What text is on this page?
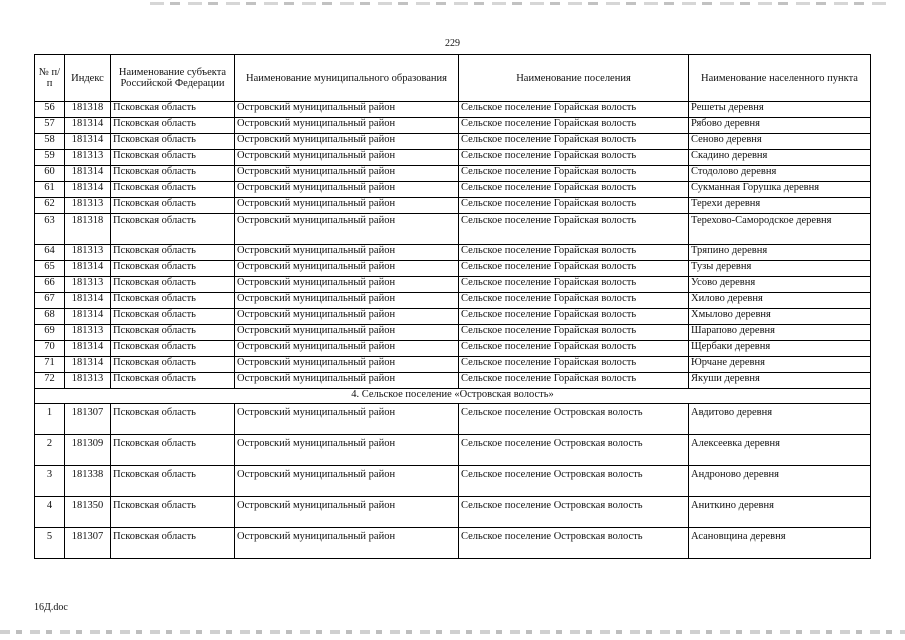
229
№ п/п	Индекс	Наименование субъекта Российской Федерации	Наименование муниципального образования	Наименование поселения	Наименование населенного пункта
56	181318	Псковская область	Островский муниципальный район	Сельское поселение Горайская волость	Решеты деревня
57	181314	Псковская область	Островский муниципальный район	Сельское поселение Горайская волость	Рябово деревня
58	181314	Псковская область	Островский муниципальный район	Сельское поселение Горайская волость	Сеново деревня
59	181313	Псковская область	Островский муниципальный район	Сельское поселение Горайская волость	Скадино деревня
60	181314	Псковская область	Островский муниципальный район	Сельское поселение Горайская волость	Стодолово деревня
61	181314	Псковская область	Островский муниципальный район	Сельское поселение Горайская волость	Сукманная Горушка деревня
62	181313	Псковская область	Островский муниципальный район	Сельское поселение Горайская волость	Терехи деревня
63	181318	Псковская область	Островский муниципальный район	Сельское поселение Горайская волость	Терехово-Самородское деревня
64	181313	Псковская область	Островский муниципальный район	Сельское поселение Горайская волость	Тряпино деревня
65	181314	Псковская область	Островский муниципальный район	Сельское поселение Горайская волость	Тузы деревня
66	181313	Псковская область	Островский муниципальный район	Сельское поселение Горайская волость	Усово деревня
67	181314	Псковская область	Островский муниципальный район	Сельское поселение Горайская волость	Хилово деревня
68	181314	Псковская область	Островский муниципальный район	Сельское поселение Горайская волость	Хмылово деревня
69	181313	Псковская область	Островский муниципальный район	Сельское поселение Горайская волость	Шарапово деревня
70	181314	Псковская область	Островский муниципальный район	Сельское поселение Горайская волость	Щербаки деревня
71	181314	Псковская область	Островский муниципальный район	Сельское поселение Горайская волость	Юрчане деревня
72	181313	Псковская область	Островский муниципальный район	Сельское поселение Горайская волость	Якуши деревня
4. Сельское поселение «Островская волость»					
1	181307	Псковская область	Островский муниципальный район	Сельское поселение Островская волость	Авдитово деревня
2	181309	Псковская область	Островский муниципальный район	Сельское поселение Островская волость	Алексеевка деревня
3	181338	Псковская область	Островский муниципальный район	Сельское поселение Островская волость	Андроново деревня
4	181350	Псковская область	Островский муниципальный район	Сельское поселение Островская волость	Аниткино деревня
5	181307	Псковская область	Островский муниципальный район	Сельское поселение Островская волость	Асановщина деревня
16Д.doc
